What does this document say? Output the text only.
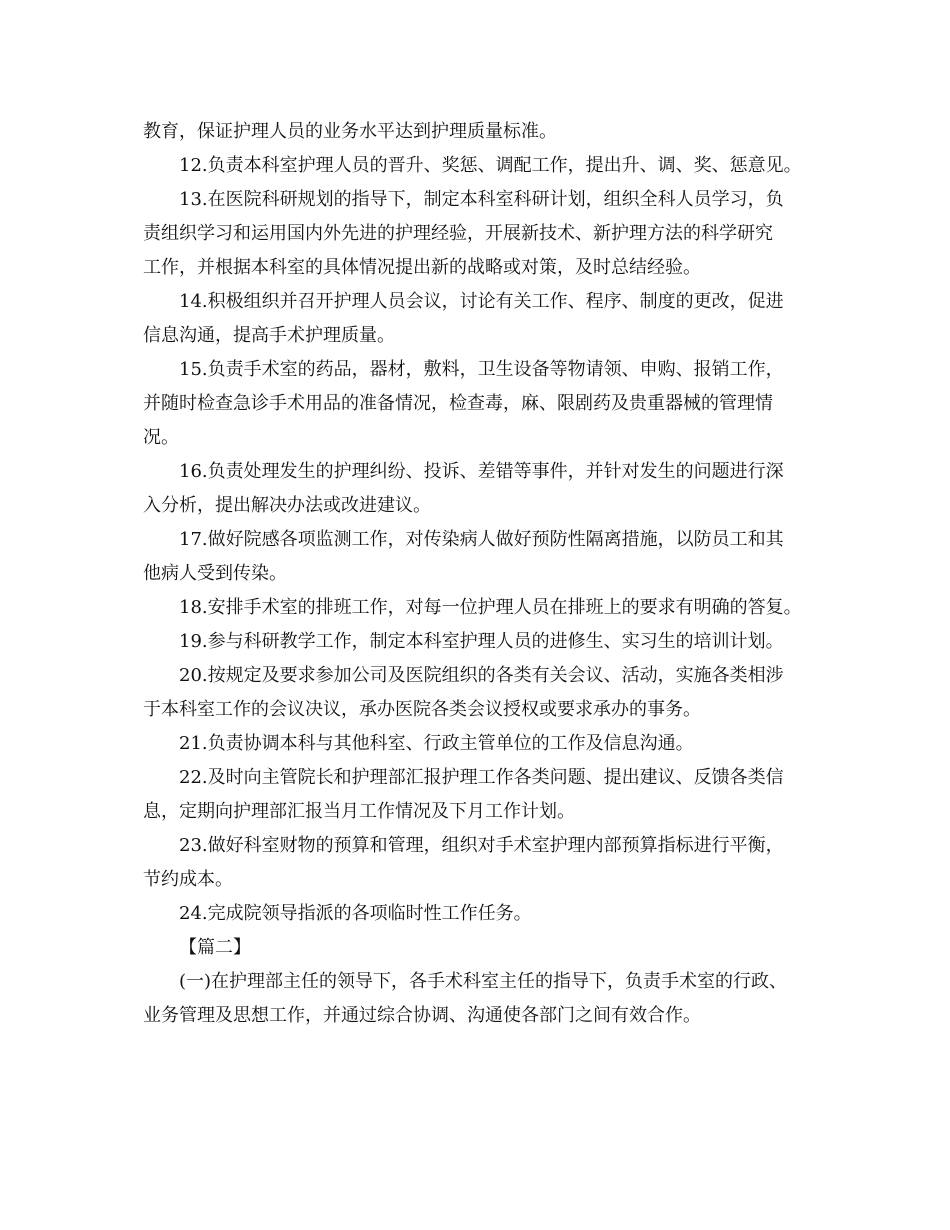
教育，保证护理人员的业务水平达到护理质量标准。
12.负责本科室护理人员的晋升、奖惩、调配工作，提出升、调、奖、惩意见。
13.在医院科研规划的指导下，制定本科室科研计划，组织全科人员学习，负
责组织学习和运用国内外先进的护理经验，开展新技术、新护理方法的科学研究
工作，并根据本科室的具体情况提出新的战略或对策，及时总结经验。
14.积极组织并召开护理人员会议，讨论有关工作、程序、制度的更改，促进
信息沟通，提高手术护理质量。
15.负责手术室的药品，器材，敷料，卫生设备等物请领、申购、报销工作，
并随时检查急诊手术用品的准备情况，检查毒，麻、限剧药及贵重器械的管理情
况。
16.负责处理发生的护理纠纷、投诉、差错等事件，并针对发生的问题进行深
入分析，提出解决办法或改进建议。
17.做好院感各项监测工作，对传染病人做好预防性隔离措施，以防员工和其
他病人受到传染。
18.安排手术室的排班工作，对每一位护理人员在排班上的要求有明确的答复。
19.参与科研教学工作，制定本科室护理人员的进修生、实习生的培训计划。
20.按规定及要求参加公司及医院组织的各类有关会议、活动，实施各类相涉
于本科室工作的会议决议，承办医院各类会议授权或要求承办的事务。
21.负责协调本科与其他科室、行政主管单位的工作及信息沟通。
22.及时向主管院长和护理部汇报护理工作各类问题、提出建议、反馈各类信
息，定期向护理部汇报当月工作情况及下月工作计划。
23.做好科室财物的预算和管理，组织对手术室护理内部预算指标进行平衡，
节约成本。
24.完成院领导指派的各项临时性工作任务。
【篇二】
(一)在护理部主任的领导下，各手术科室主任的指导下，负责手术室的行政、
业务管理及思想工作，并通过综合协调、沟通使各部门之间有效合作。
